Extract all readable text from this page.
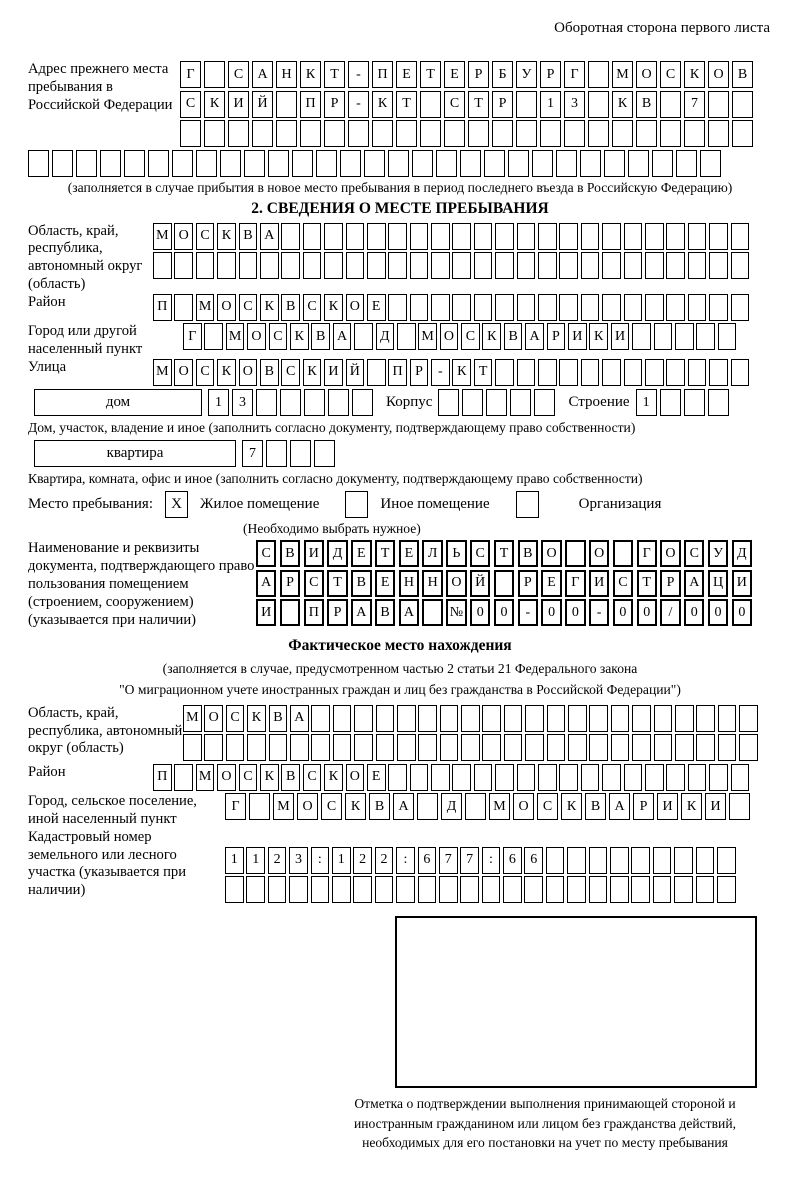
Оборотная сторона первого листа
Адрес прежнего места пребывания в Российской Федерации
Г	С	А Н	К	Т	-	П	Е	Т	Е	Р	Б	У	Р	Г	М О	С	К	О	В
С	К	И Й	П	Р	-	К	Т	С	Т	Р	1	3	К	В	7
(заполняется в случае прибытия в новое место пребывания в период последнего въезда в Российскую Федерацию)
2. СВЕДЕНИЯ О МЕСТЕ ПРЕБЫВАНИЯ
Область, край, республика, автономный округ (область)
М О С К В А
Район	П	М О С К В С К О Е
Город или другой населенный пункт
Г	М О С К В А	Д	М О С К В А Р И К И
Улица	М О С К О В С К И Й	П Р	-	К Т
дом	1	3	Корпус	Строение 1
Дом, участок, владение и иное (заполнить согласно документу, подтверждающему право собственности)
квартира	7
Квартира, комната, офис и иное (заполнить согласно документу, подтверждающему право собственности)
Место пребывания:	X	Жилое помещение	Иное помещение	Организация
(Необходимо выбрать нужное)
Наименование и реквизиты документа, подтверждающего право пользования помещением (строением, сооружением) (указывается при наличии)
С	В	И Д	Е	Т	Е	Л	Ь	С	Т	В	О	О	Г	О	С	У	Д
А	Р	С	Т	В	Е	Н Н О Й	Р	Е	Г	И	С	Т	Р	А Ц И
И	П	Р	А	В	А	№ 0	0	-	0	0	-	0	0	/	0	0	0
Фактическое место нахождения
(заполняется в случае, предусмотренном частью 2 статьи 21 Федерального закона
"О миграционном учете иностранных граждан и лиц без гражданства в Российской Федерации")
Область, край, республика, автономный округ (область)
М О С К В А
Район	П	М О С К В С К О Е
Город, сельское поселение, иной населенный пункт
Г	М О	С	К	В	А	Д	М О	С	К	В	А	Р	И	К	И
Кадастровый номер земельного или лесного участка (указывается при наличии)
1	1	2	3	:	1	2	2	:	6	7	7	:	6	6
Отметка о подтверждении выполнения принимающей стороной и иностранным гражданином или лицом без гражданства действий, необходимых для его постановки на учет по месту пребывания
